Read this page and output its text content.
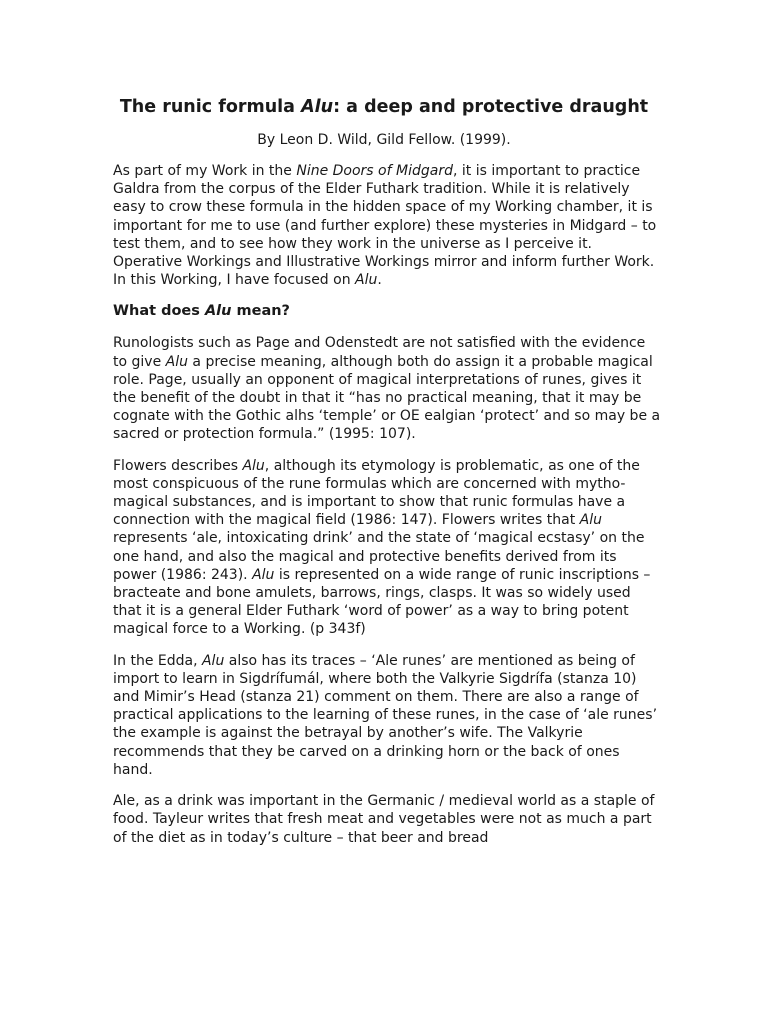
The runic formula Alu: a deep and protective draught

By Leon D. Wild, Gild Fellow. (1999).

As part of my Work in the Nine Doors of Midgard, it is important to practice Galdra from the corpus of the Elder Futhark tradition. While it is relatively easy to crow these formula in the hidden space of my Working chamber, it is important for me to use (and further explore) these mysteries in Midgard – to test them, and to see how they work in the universe as I perceive it. Operative Workings and Illustrative Workings mirror and inform further Work. In this Working, I have focused on Alu.

What does Alu mean?

Runologists such as Page and Odenstedt are not satisfied with the evidence to give Alu a precise meaning, although both do assign it a probable magical role. Page, usually an opponent of magical interpretations of runes, gives it the benefit of the doubt in that it “has no practical meaning, that it may be cognate with the Gothic alhs ‘temple’ or OE ealgian ‘protect’ and so may be a sacred or protection formula.” (1995: 107).

Flowers describes Alu, although its etymology is problematic, as one of the most conspicuous of the rune formulas which are concerned with mytho-magical substances, and is important to show that runic formulas have a connection with the magical field (1986: 147). Flowers writes that Alu represents ‘ale, intoxicating drink’ and the state of ‘magical ecstasy’ on the one hand, and also the magical and protective benefits derived from its power (1986: 243). Alu is represented on a wide range of runic inscriptions – bracteate and bone amulets, barrows, rings, clasps. It was so widely used that it is a general Elder Futhark ‘word of power’ as a way to bring potent magical force to a Working. (p 343f)

In the Edda, Alu also has its traces – ‘Ale runes’ are mentioned as being of import to learn in Sigdrífumál, where both the Valkyrie Sigdrífa (stanza 10) and Mimir’s Head (stanza 21) comment on them. There are also a range of practical applications to the learning of these runes, in the case of ‘ale runes’ the example is against the betrayal by another’s wife. The Valkyrie recommends that they be carved on a drinking horn or the back of ones hand.

Ale, as a drink was important in the Germanic / medieval world as a staple of food. Tayleur writes that fresh meat and vegetables were not as much a part of the diet as in today’s culture – that beer and bread
